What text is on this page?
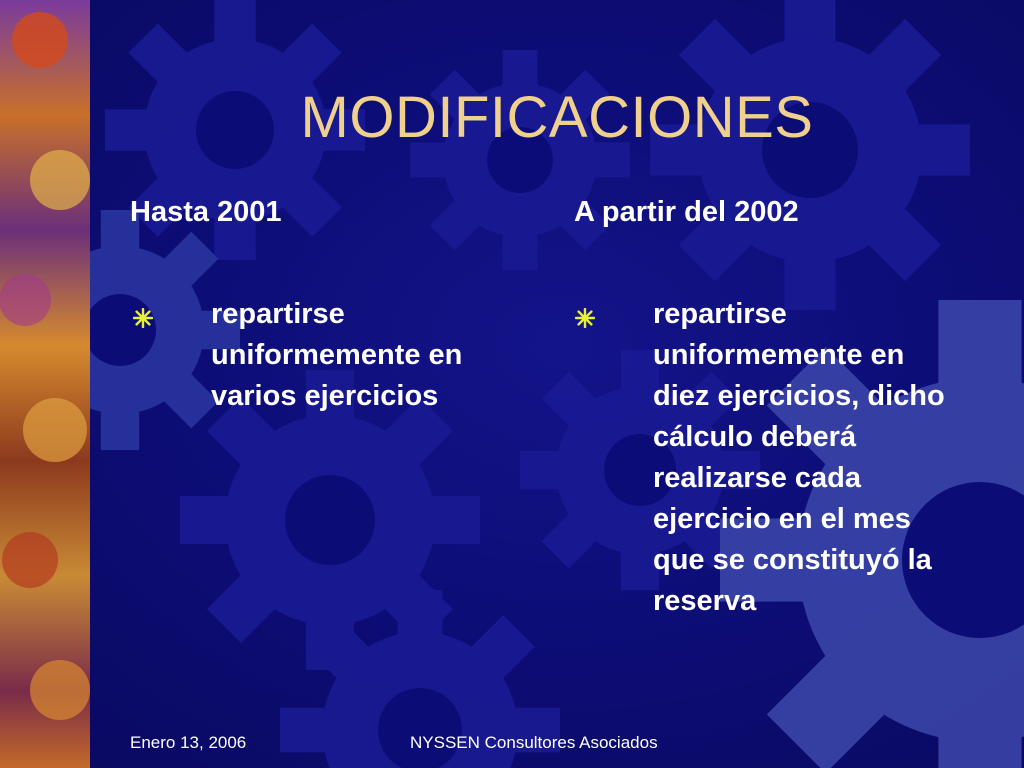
MODIFICACIONES
Hasta 2001
repartirse
uniformemente en
varios ejercicios
A partir del 2002
repartirse
uniformemente en
diez ejercicios, dicho
cálculo deberá
realizarse cada
ejercicio en el mes
que se constituyó la
reserva
Enero 13, 2006	NYSSEN Consultores Asociados
